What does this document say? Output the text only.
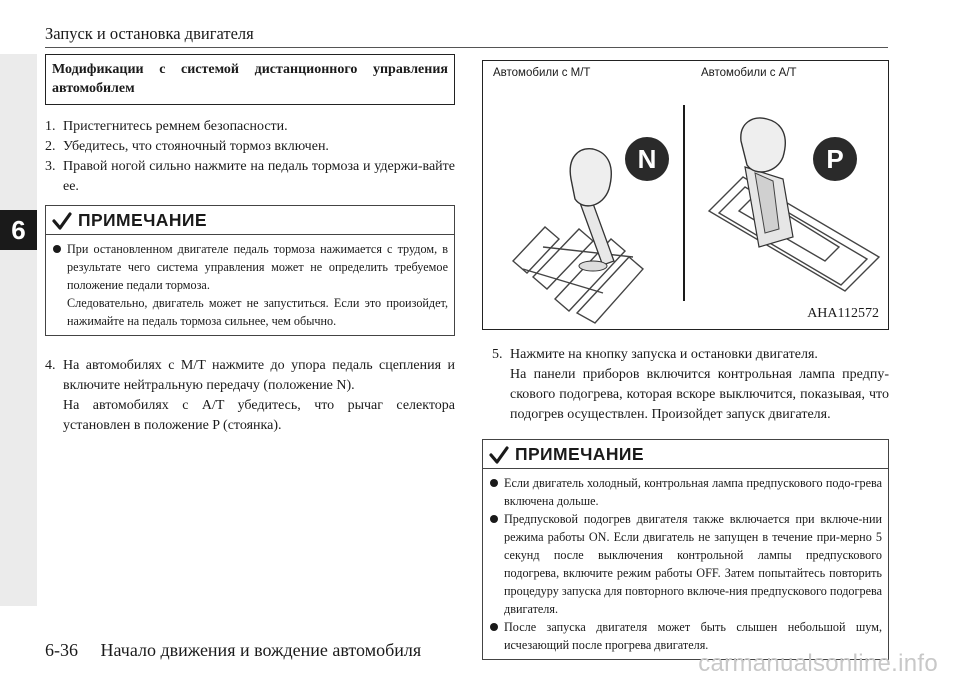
6
Запуск и остановка двигателя
Модификации с системой дистанционного управления
автомобилем
1. Пристегнитесь ремнем безопасности.
2. Убедитесь, что стояночный тормоз включен.
3. Правой ногой сильно нажмите на педаль тормоза и удержи-вайте ее.
ПРИМЕЧАНИЕ
При остановленном двигателе педаль тормоза нажимается с трудом, в результате чего система управления может не определить требуемое положение педали тормоза.
Следовательно, двигатель может не запуститься. Если это произойдет, нажимайте на педаль тормоза сильнее, чем обычно.
4. На автомобилях с M/T нажмите до упора педаль сцепления и включите нейтральную передачу (положение N).
На автомобилях с A/T убедитесь, что рычаг селектора установлен в положение P (стоянка).
Автомобили с M/T	Автомобили с A/T
N	P
AHA112572
5. Нажмите на кнопку запуска и остановки двигателя.
На панели приборов включится контрольная лампа предпу-скового подогрева, которая вскоре выключится, показывая, что подогрев осуществлен. Произойдет запуск двигателя.
ПРИМЕЧАНИЕ
Если двигатель холодный, контрольная лампа предпускового подо-грева включена дольше.
Предпусковой подогрев двигателя также включается при включе-нии режима работы ON. Если двигатель не запущен в течение при-мерно 5 секунд после выключения контрольной лампы предпускового подогрева, включите режим работы OFF. Затем попытайтесь повторить процедуру запуска для повторного включе-ния предпускового подогрева двигателя.
После запуска двигателя может быть слышен небольшой шум, исчезающий после прогрева двигателя.
6-36 Начало движения и вождение автомобиля	carmanualsonline.info
